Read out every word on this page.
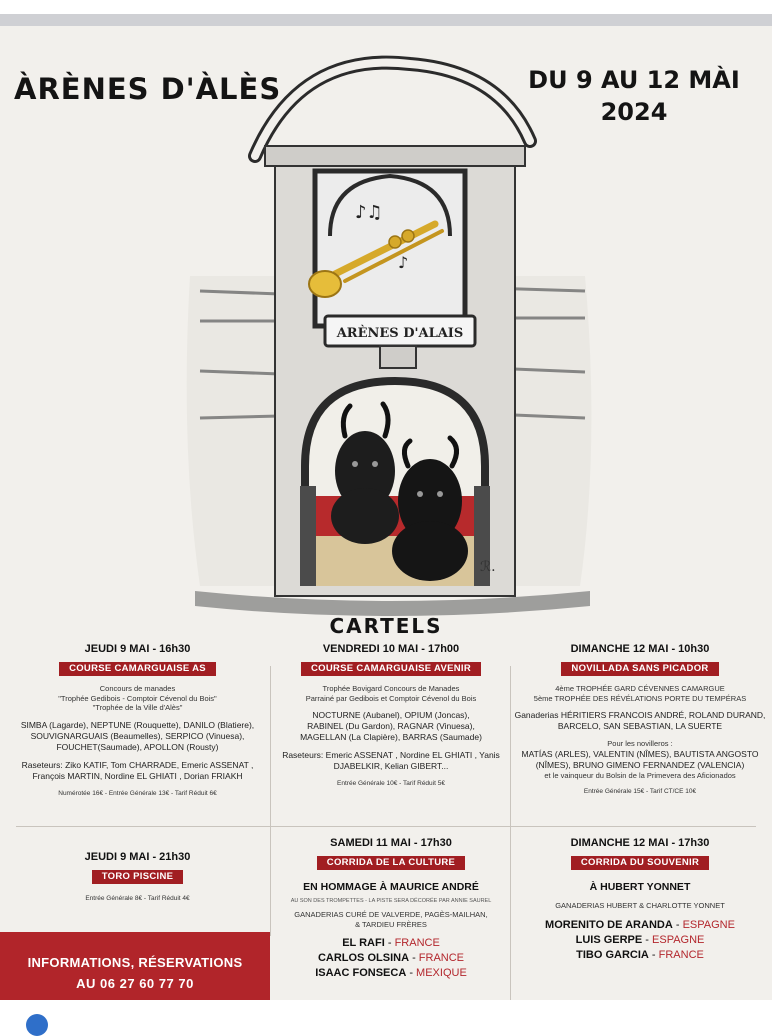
ÀRÈNES D'ÀLÈS	DU 9 AU 12 MÀI
2024
♪♫
♪
ARÈNES D'ALAIS
ℛ.
CARTELS
JEUDI 9 MAI - 16h30
COURSE CAMARGUAISE AS
Concours de manades
"Trophée Gedibois - Comptoir Cévenol du Bois"
"Trophée de la Ville d'Alès"
SIMBA (Lagarde), NEPTUNE (Rouquette), DANILO (Blatiere),
SOUVIGNARGUAIS (Beaumelles), SERPICO (Vinuesa),
FOUCHET(Saumade), APOLLON (Rousty)
Raseteurs: Ziko KATIF, Tom CHARRADE, Emeric ASSENAT ,
François MARTIN, Nordine EL GHIATI , Dorian FRIAKH
Numérotée 16€ - Entrée Générale 13€ - Tarif Réduit 6€
VENDREDI 10 MAI - 17h00
COURSE CAMARGUAISE AVENIR
Trophée Bovigard Concours de Manades
Parrainé par Gedibois et Comptoir Cévenol du Bois
NOCTURNE (Aubanel), OPIUM (Joncas),
RABINEL (Du Gardon), RAGNAR (Vinuesa),
MAGELLAN (La Clapière), BARRAS (Saumade)
Raseteurs: Emeric ASSENAT , Nordine EL GHIATI , Yanis
DJABELKIR, Kelian GIBERT...
Entrée Générale 10€ - Tarif Réduit 5€
DIMANCHE 12 MAI - 10h30
NOVILLADA SANS PICADOR
4ème TROPHÉE GARD CÉVENNES CAMARGUE
5ème TROPHÉE DES RÉVÉLATIONS PORTE DU TEMPÉRAS
Ganaderias HÉRITIERS FRANCOIS ANDRÉ, ROLAND DURAND,
BARCELO, SAN SEBASTIAN, LA SUERTE
Pour les novilleros :
MATÍAS (ARLES), VALENTIN (NÎMES), BAUTISTA ANGOSTO
(NÎMES), BRUNO GIMENO FERNANDEZ (VALENCIA)
et le vainqueur du Bolsin de la Primevera des Aficionados
Entrée Générale 15€ - Tarif CT/CE 10€
JEUDI 9 MAI - 21h30
TORO PISCINE
Entrée Générale 8€ - Tarif Réduit 4€
SAMEDI 11 MAI - 17h30
CORRIDA DE LA CULTURE
EN HOMMAGE À MAURICE ANDRÉ
AU SON DES TROMPETTES - LA PISTE SERA DÉCORÉE PAR ANNIE SAUREL
GANADERIAS CURÉ DE VALVERDE, PAGÈS-MAILHAN,
& TARDIEU FRÈRES
EL RAFI - FRANCE
CARLOS OLSINA - FRANCE
ISAAC FONSECA - MEXIQUE
DIMANCHE 12 MAI - 17h30
CORRIDA DU SOUVENIR
À HUBERT YONNET
GANADERIAS HUBERT & CHARLOTTE YONNET
MORENITO DE ARANDA - ESPAGNE
LUIS GERPE - ESPAGNE
TIBO GARCIA - FRANCE
INFORMATIONS, RÉSERVATIONS
AU 06 27 60 77 70
